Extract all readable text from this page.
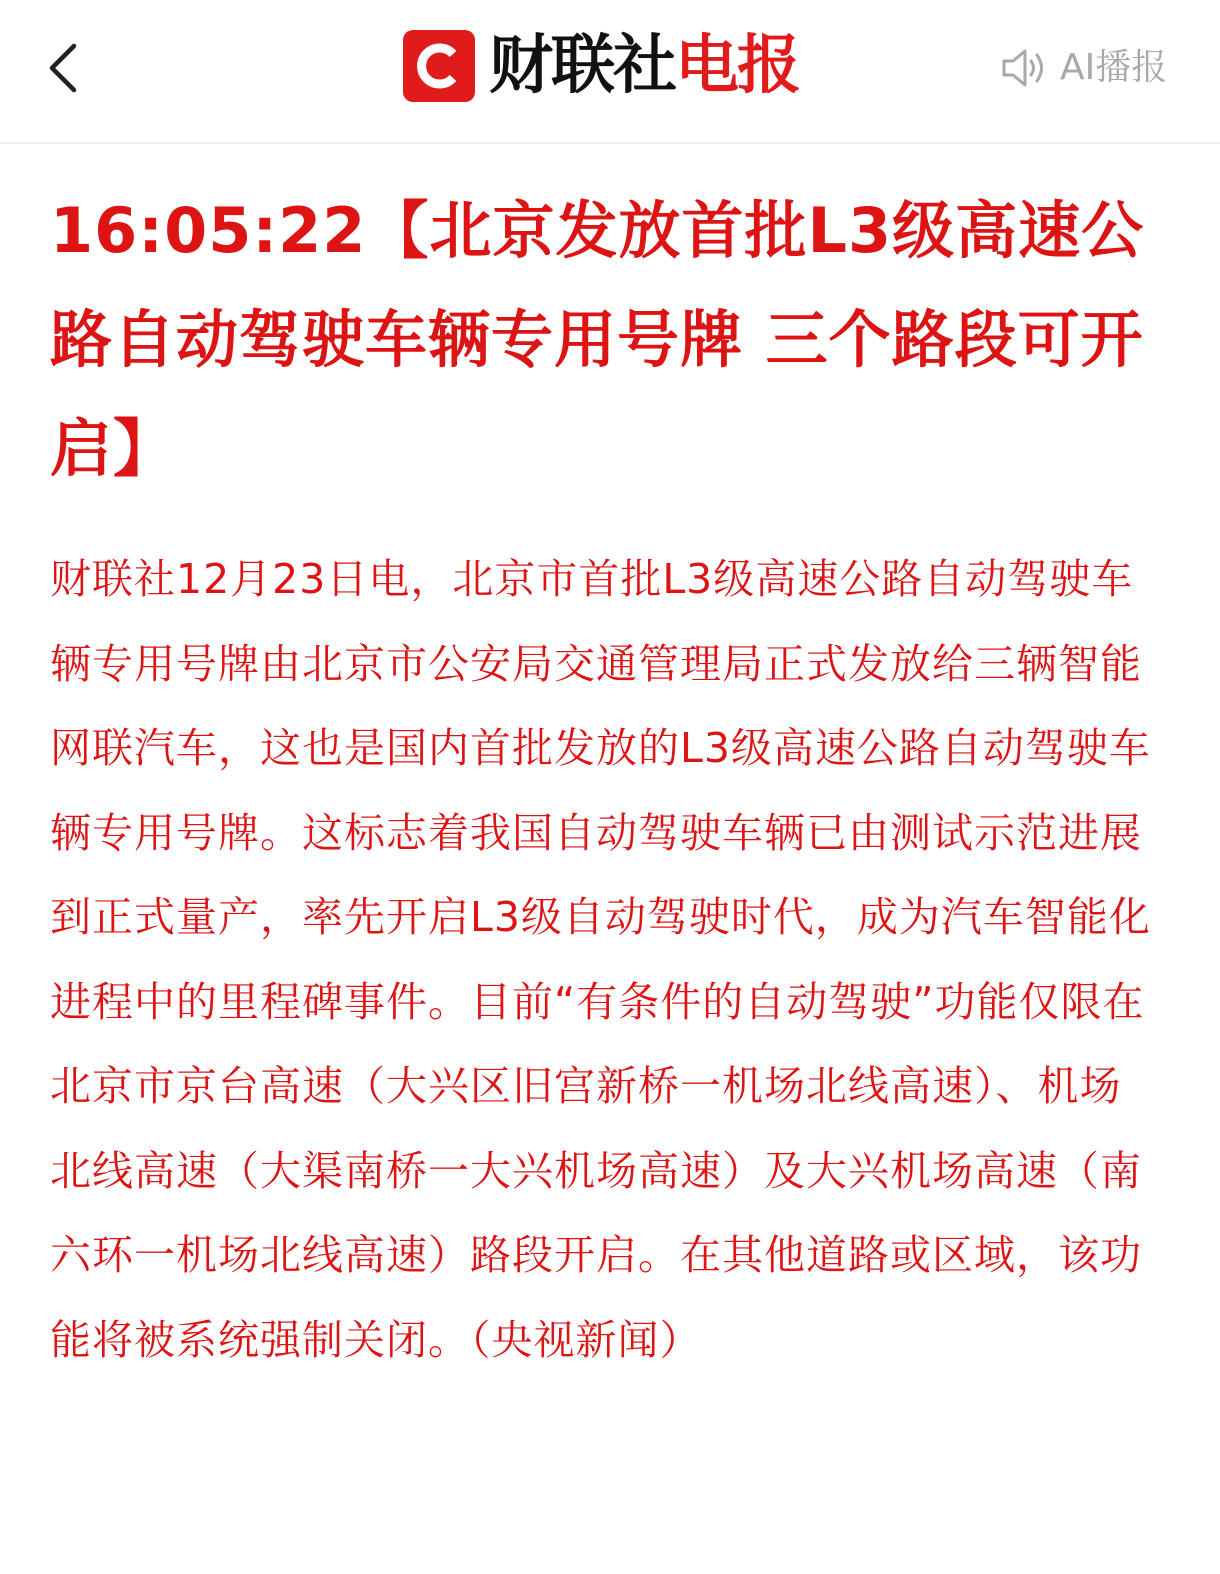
财联社电报	AI播报
16:05:22【北京发放首批L3级高速公路自动驾驶车辆专用号牌 三个路段可开启】

财联社12月23日电，北京市首批L3级高速公路自动驾驶车辆专用号牌由北京市公安局交通管理局正式发放给三辆智能网联汽车，这也是国内首批发放的L3级高速公路自动驾驶车辆专用号牌。这标志着我国自动驾驶车辆已由测试示范进展到正式量产，率先开启L3级自动驾驶时代，成为汽车智能化进程中的里程碑事件。目前“有条件的自动驾驶”功能仅限在北京市京台高速（大兴区旧宫新桥一机场北线高速）、机场北线高速（大渠南桥一大兴机场高速）及大兴机场高速（南六环一机场北线高速）路段开启。在其他道路或区域，该功能将被系统强制关闭。（央视新闻）
